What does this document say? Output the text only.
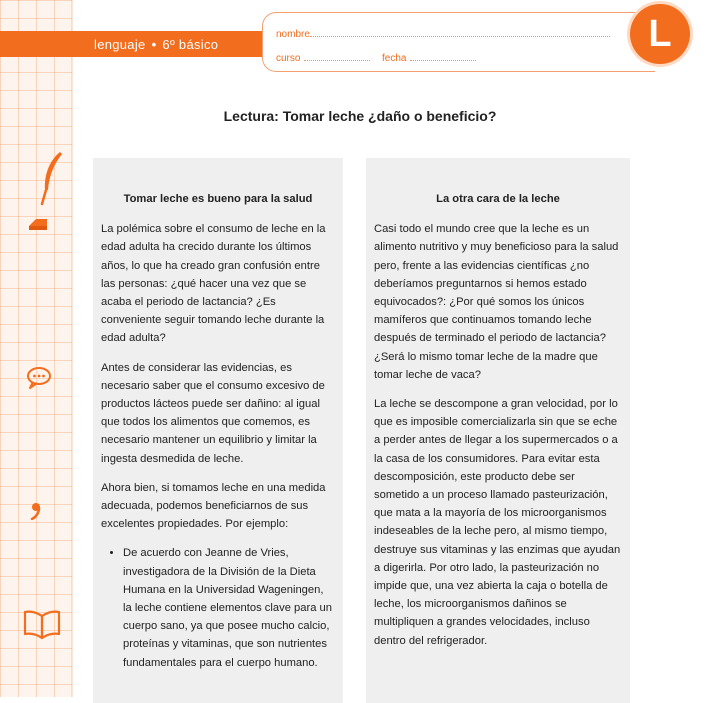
lenguaje • 6º básico
nombre
curso	fecha
L
Lectura: Tomar leche ¿daño o beneficio?
Tomar leche es bueno para la salud

La polémica sobre el consumo de leche en la edad adulta ha crecido durante los últimos años, lo que ha creado gran confusión entre las personas: ¿qué hacer una vez que se acaba el periodo de lactancia? ¿Es conveniente seguir tomando leche durante la edad adulta?

Antes de considerar las evidencias, es necesario saber que el consumo excesivo de productos lácteos puede ser dañino: al igual que todos los alimentos que comemos, es necesario mantener un equilibrio y limitar la ingesta desmedida de leche.

Ahora bien, si tomamos leche en una medida adecuada, podemos beneficiarnos de sus excelentes propiedades. Por ejemplo:

• De acuerdo con Jeanne de Vries, investigadora de la División de la Dieta Humana en la Universidad Wageningen, la leche contiene elementos clave para un cuerpo sano, ya que posee mucho calcio, proteínas y vitaminas, que son nutrientes fundamentales para el cuerpo humano.
La otra cara de la leche

Casi todo el mundo cree que la leche es un alimento nutritivo y muy beneficioso para la salud pero, frente a las evidencias científicas ¿no deberíamos preguntarnos si hemos estado equivocados?: ¿Por qué somos los únicos mamíferos que continuamos tomando leche después de terminado el periodo de lactancia? ¿Será lo mismo tomar leche de la madre que tomar leche de vaca?

La leche se descompone a gran velocidad, por lo que es imposible comercializarla sin que se eche a perder antes de llegar a los supermercados o a la casa de los consumidores. Para evitar esta descomposición, este producto debe ser sometido a un proceso llamado pasteurización, que mata a la mayoría de los microorganismos indeseables de la leche pero, al mismo tiempo, destruye sus vitaminas y las enzimas que ayudan a digerirla. Por otro lado, la pasteurización no impide que, una vez abierta la caja o botella de leche, los microorganismos dañinos se multipliquen a grandes velocidades, incluso dentro del refrigerador.
